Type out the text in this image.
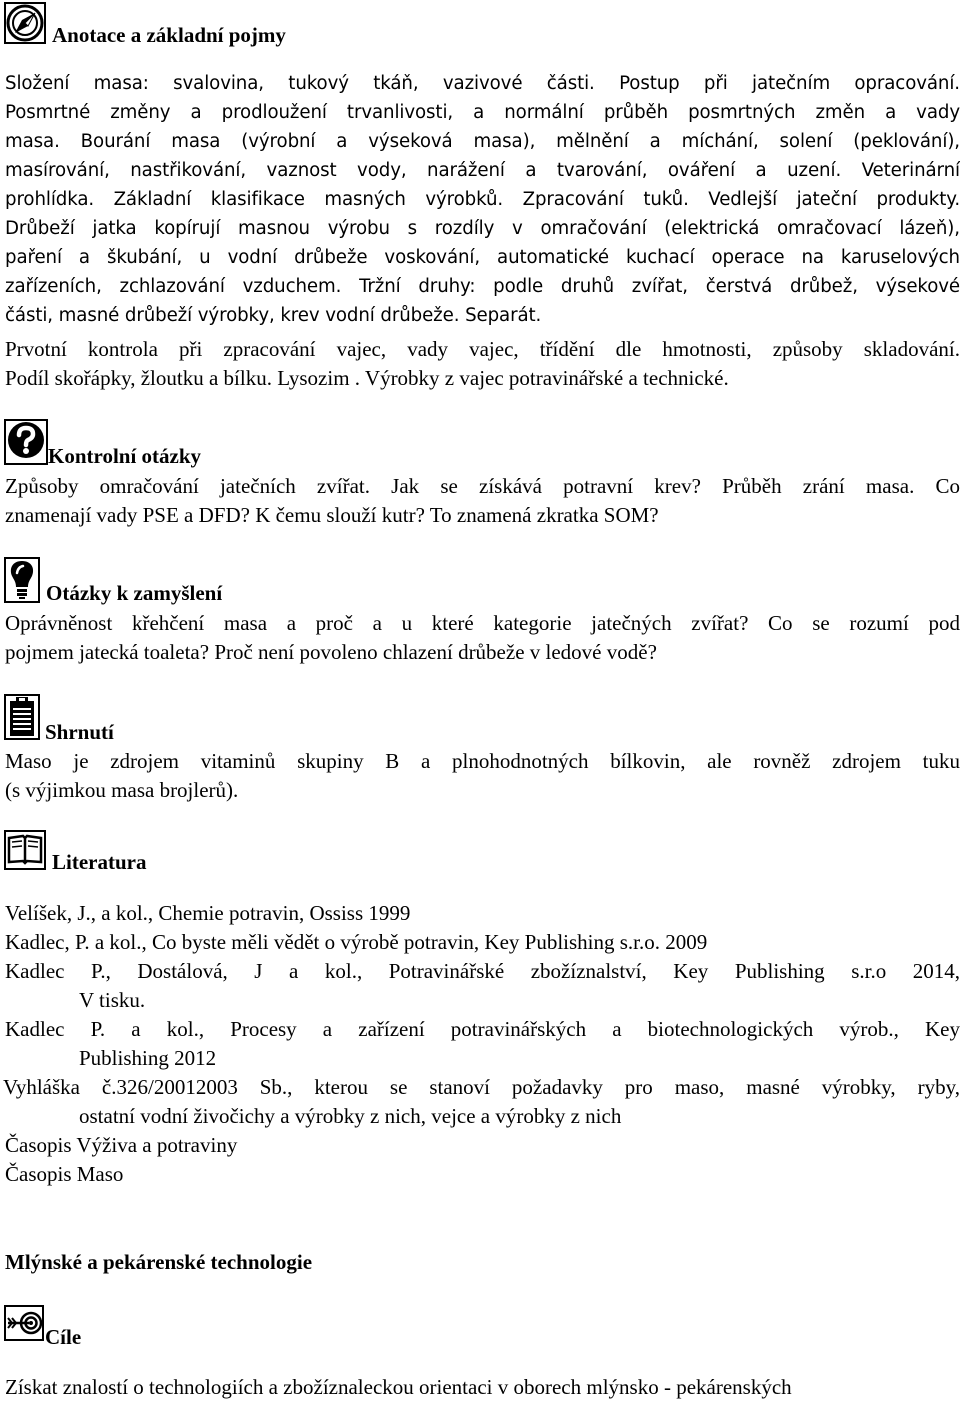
Anotace a základní pojmy
Složení masa: svalovina, tukový tkáň, vazivové části. Postup při jatečním opracování.
Posmrtné změny a prodloužení trvanlivosti, a normální průběh posmrtných změn a vady
masa. Bourání masa (výrobní a výseková masa), mělnění a míchání, solení (peklování),
masírování, nastřikování, vaznost vody, narážení a tvarování, ováření a uzení. Veterinární
prohlídka. Základní klasifikace masných výrobků. Zpracování tuků. Vedlejší jateční produkty.
Drůbeží jatka kopírují masnou výrobu s rozdíly v omračování (elektrická omračovací lázeň),
paření a škubání, u vodní drůbeže voskování, automatické kuchací operace na karuselových
zařízeních, zchlazování vzduchem. Tržní druhy: podle druhů zvířat, čerstvá drůbež, výsekové
části, masné drůbeží výrobky, krev vodní drůbeže. Separát.
Prvotní kontrola při zpracování vajec, vady vajec, třídění dle hmotnosti, způsoby skladování.
Podíl skořápky, žloutku a bílku. Lysozim . Výrobky z vajec potravinářské a technické.
Kontrolní otázky
Způsoby omračování jatečních zvířat. Jak se získává potravní krev? Průběh zrání masa. Co
znamenají vady PSE a DFD? K čemu slouží kutr? To znamená zkratka SOM?
Otázky k zamyšlení
Oprávněnost křehčení masa a proč a u které kategorie jatečných zvířat? Co se rozumí pod
pojmem jatecká toaleta? Proč není povoleno chlazení drůbeže v ledové vodě?
Shrnutí
Maso je zdrojem vitaminů skupiny B a plnohodnotných bílkovin, ale rovněž zdrojem tuku
(s výjimkou masa brojlerů).
Literatura
Velíšek, J., a kol., Chemie potravin, Ossiss 1999
Kadlec, P. a kol., Co byste měli vědět o výrobě potravin, Key Publishing s.r.o. 2009
Kadlec P., Dostálová, J a kol., Potravinářské zbožíznalství, Key Publishing s.r.o 2014,
V tisku.
Kadlec P. a kol., Procesy a zařízení potravinářských a biotechnologických výrob., Key
Publishing 2012
Vyhláška č.326/20012003 Sb., kterou se stanoví požadavky pro maso, masné výrobky, ryby,
ostatní vodní živočichy a výrobky z nich, vejce a výrobky z nich
Časopis Výživa a potraviny
Časopis Maso
Mlýnské a pekárenské technologie
Cíle
Získat znalostí o technologiích a zbožíznaleckou orientaci v oborech mlýnsko - pekárenských
